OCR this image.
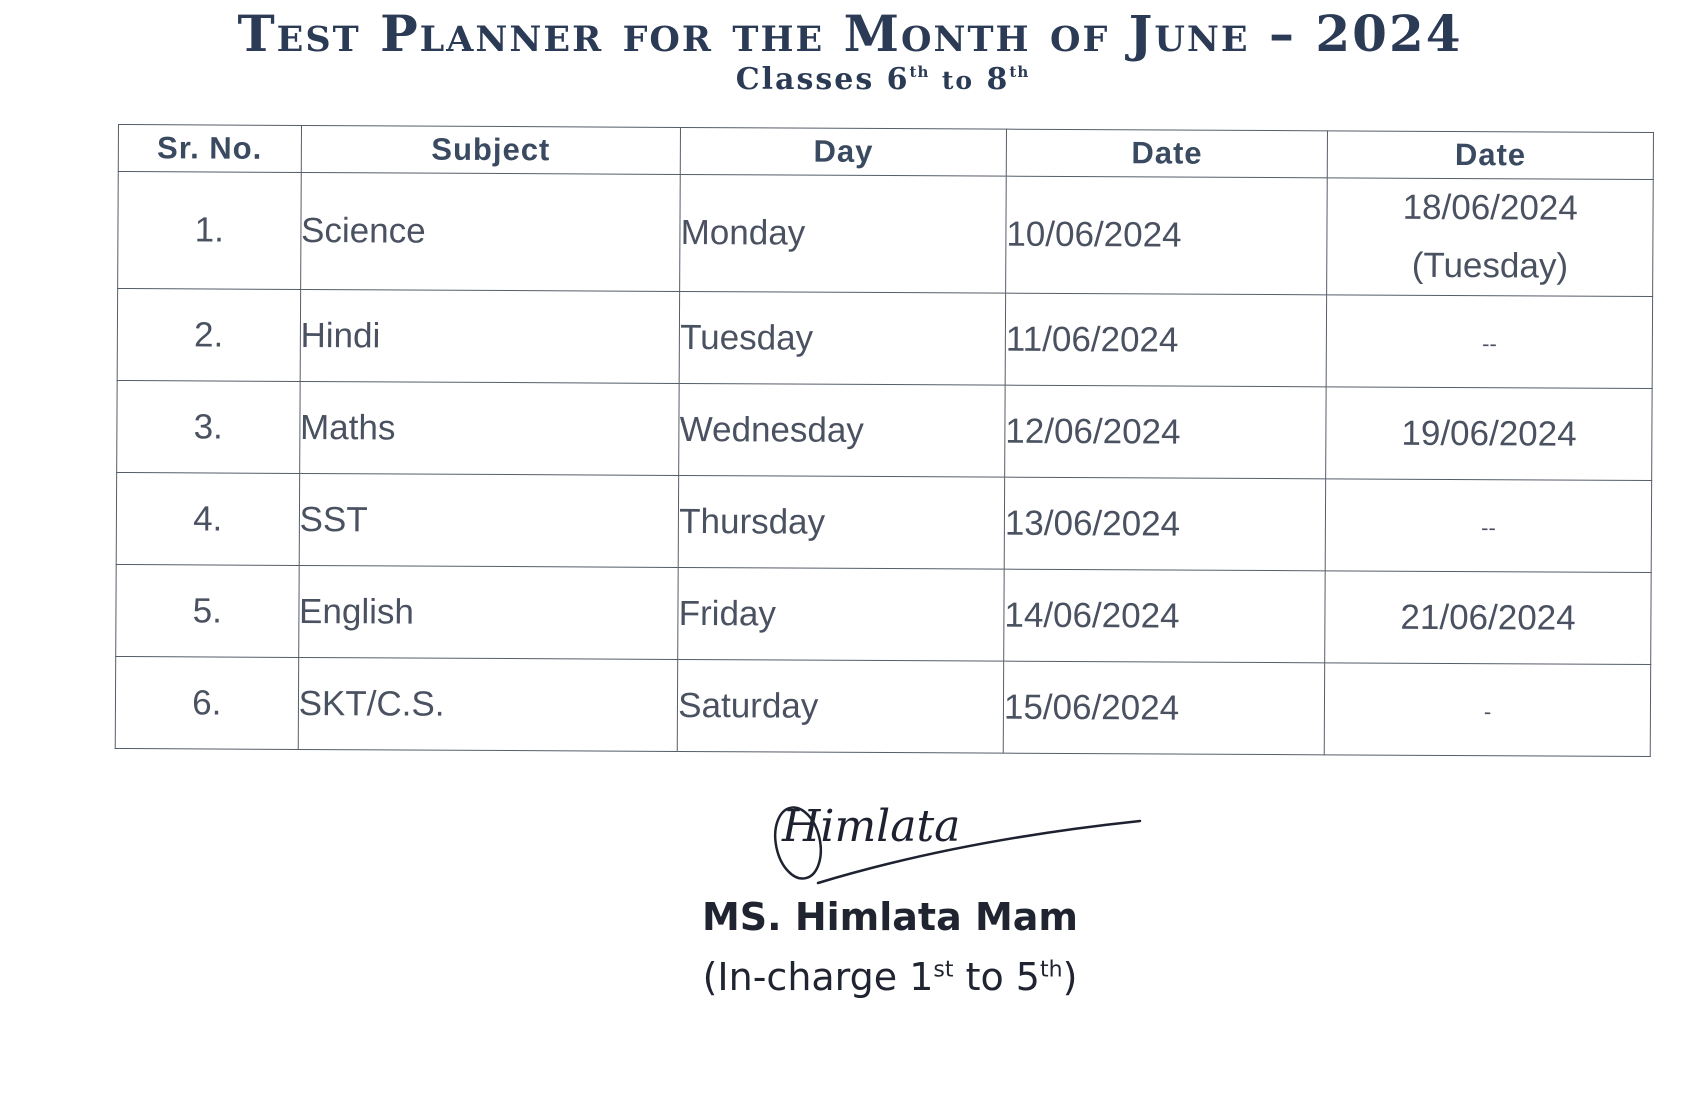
Test Planner for the Month of June – 2024
Classes 6th to 8th
Sr. No.	Subject	Day	Date	Date
1.	Science	Monday	10/06/2024	18/06/2024
(Tuesday)

2.	Hindi	Tuesday	11/06/2024	--
3.	Maths	Wednesday	12/06/2024	19/06/2024
4.	SST	Thursday	13/06/2024	--
5.	English	Friday	14/06/2024	21/06/2024
6.	SKT/C.S.	Saturday	15/06/2024	-
Himlata
MS. Himlata Mam
(In-charge 1st to 5th)
